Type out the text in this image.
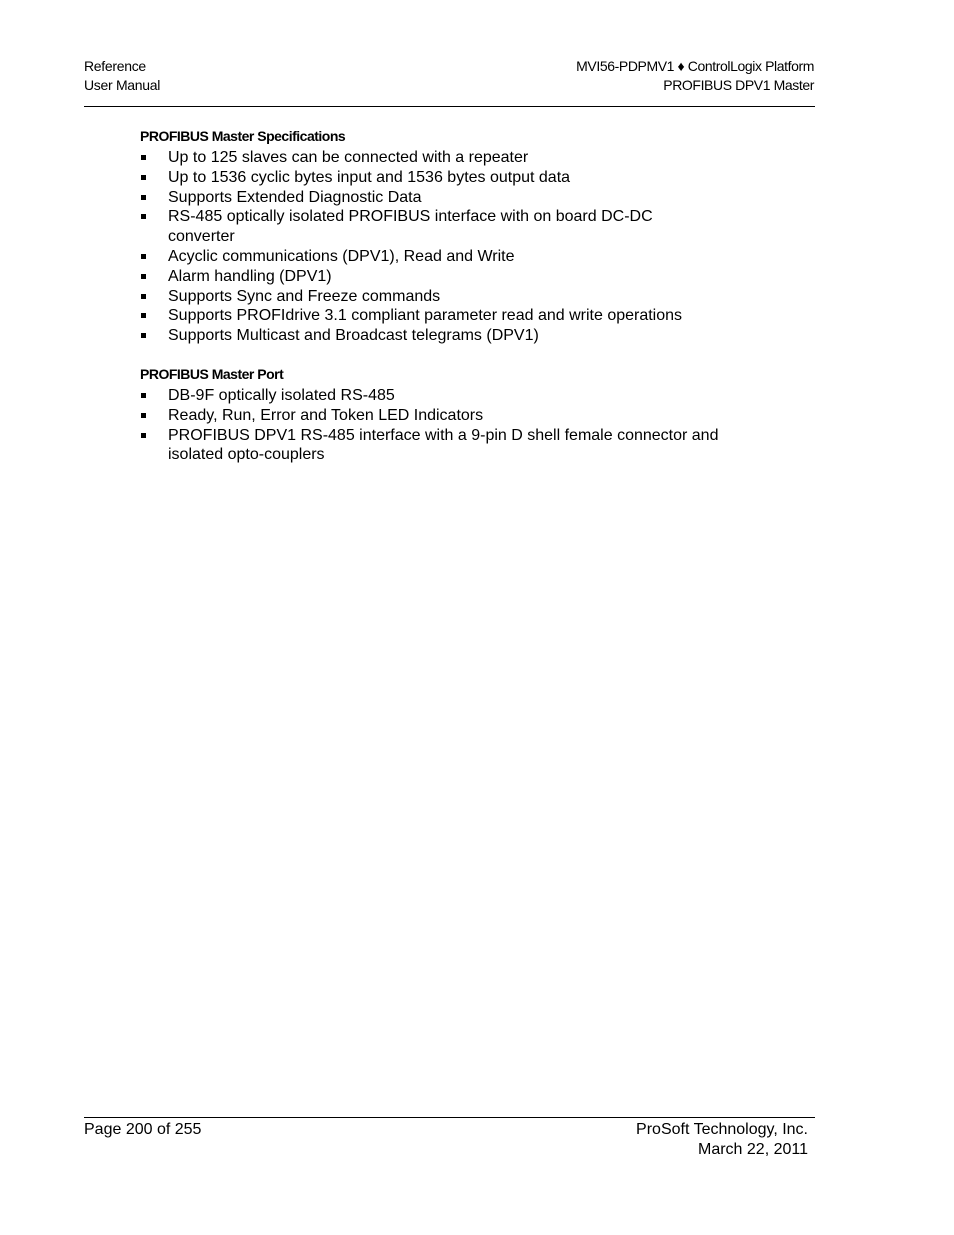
Reference
User Manual
MVI56-PDPMV1 ♦ ControlLogix Platform
PROFIBUS DPV1 Master
PROFIBUS Master Specifications
Up to 125 slaves can be connected with a repeater
Up to 1536 cyclic bytes input and 1536 bytes output data
Supports Extended Diagnostic Data
RS-485 optically isolated PROFIBUS interface with on board DC-DC converter
Acyclic communications (DPV1), Read and Write
Alarm handling (DPV1)
Supports Sync and Freeze commands
Supports PROFIdrive 3.1 compliant parameter read and write operations
Supports Multicast and Broadcast telegrams (DPV1)
PROFIBUS Master Port
DB-9F optically isolated RS-485
Ready, Run, Error and Token LED Indicators
PROFIBUS DPV1 RS-485 interface with a 9-pin D shell female connector and isolated opto-couplers
Page 200 of 255	ProSoft Technology, Inc.
March 22, 2011
